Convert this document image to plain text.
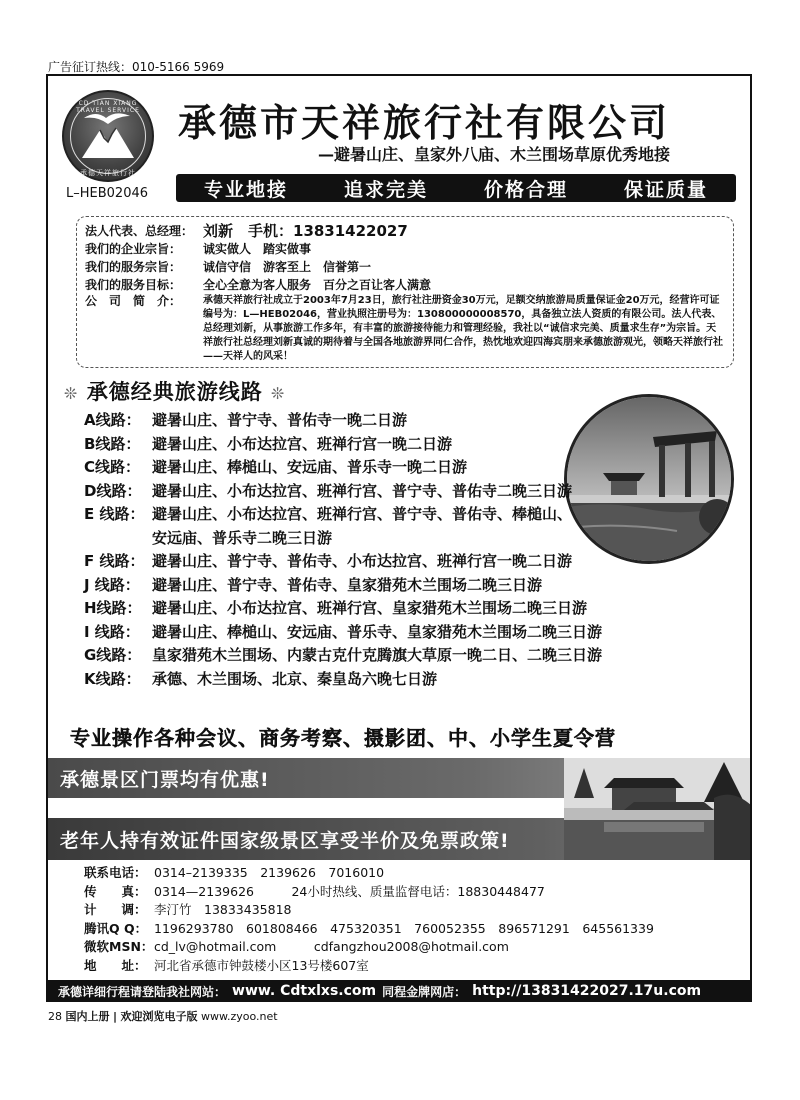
广告征订热线：010-5166 5969
CD TIAN XIANG TRAVEL SERVICE
承德天祥旅行社
L–HEB02046
承德市天祥旅行社有限公司
—避暑山庄、皇家外八庙、木兰围场草原优秀地接
专业地接	追求完美	价格合理	保证质量
法人代表、总经理： 刘新　手机：13831422027
我们的企业宗旨：	诚实做人　踏实做事
我们的服务宗旨：	诚信守信　游客至上　信誉第一
我们的服务目标：	全心全意为客人服务　百分之百让客人满意
公　司　简　介：	承德天祥旅行社成立于2003年7月23日，旅行社注册资金30万元，足额交纳旅游局质量保证金20万元，经营许可证编号为：L—HEB02046，营业执照注册号为：130800000008570，具备独立法人资质的有限公司。法人代表、总经理刘新，从事旅游工作多年，有丰富的旅游接待能力和管理经验，我社以“诚信求完美、质量求生存”为宗旨。天祥旅行社总经理刘新真诚的期待着与全国各地旅游界同仁合作，热忱地欢迎四海宾朋来承德旅游观光，领略天祥旅行社——天祥人的风采！
❊ 承德经典旅游线路 ❊
A线路： 避暑山庄、普宁寺、普佑寺一晚二日游
B线路： 避暑山庄、小布达拉宫、班禅行宫一晚二日游
C线路： 避暑山庄、棒槌山、安远庙、普乐寺一晚二日游
D线路： 避暑山庄、小布达拉宫、班禅行宫、普宁寺、普佑寺二晚三日游
E 线路： 避暑山庄、小布达拉宫、班禅行宫、普宁寺、普佑寺、棒槌山、安远庙、普乐寺二晚三日游
F 线路： 避暑山庄、普宁寺、普佑寺、小布达拉宫、班禅行宫一晚二日游
J 线路： 避暑山庄、普宁寺、普佑寺、皇家猎苑木兰围场二晚三日游
H线路： 避暑山庄、小布达拉宫、班禅行宫、皇家猎苑木兰围场二晚三日游
I 线路： 避暑山庄、棒槌山、安远庙、普乐寺、皇家猎苑木兰围场二晚三日游
G线路： 皇家猎苑木兰围场、内蒙古克什克腾旗大草原一晚二日、二晚三日游
K线路： 承德、木兰围场、北京、秦皇岛六晚七日游
专业操作各种会议、商务考察、摄影团、中、小学生夏令营
承德景区门票均有优惠!
老年人持有效证件国家级景区享受半价及免票政策!
联系电话： 0314–2139335　2139626　7016010
传　　真： 0314—2139626　　　24小时热线、质量监督电话：18830448477
计　　调： 李汀竹　13833435818
腾讯Q Q： 1196293780　601808466　475320351　760052355　896571291　645561339
微软MSN： cd_lv@hotmail.com　　　cdfangzhou2008@hotmail.com
地　　址： 河北省承德市钟鼓楼小区13号楼607室
承德详细行程请登陆我社网站： www. Cdtxlxs.com 同程金牌网店： http://13831422027.17u.com
28 国内上册 | 欢迎浏览电子版 www.zyoo.net
